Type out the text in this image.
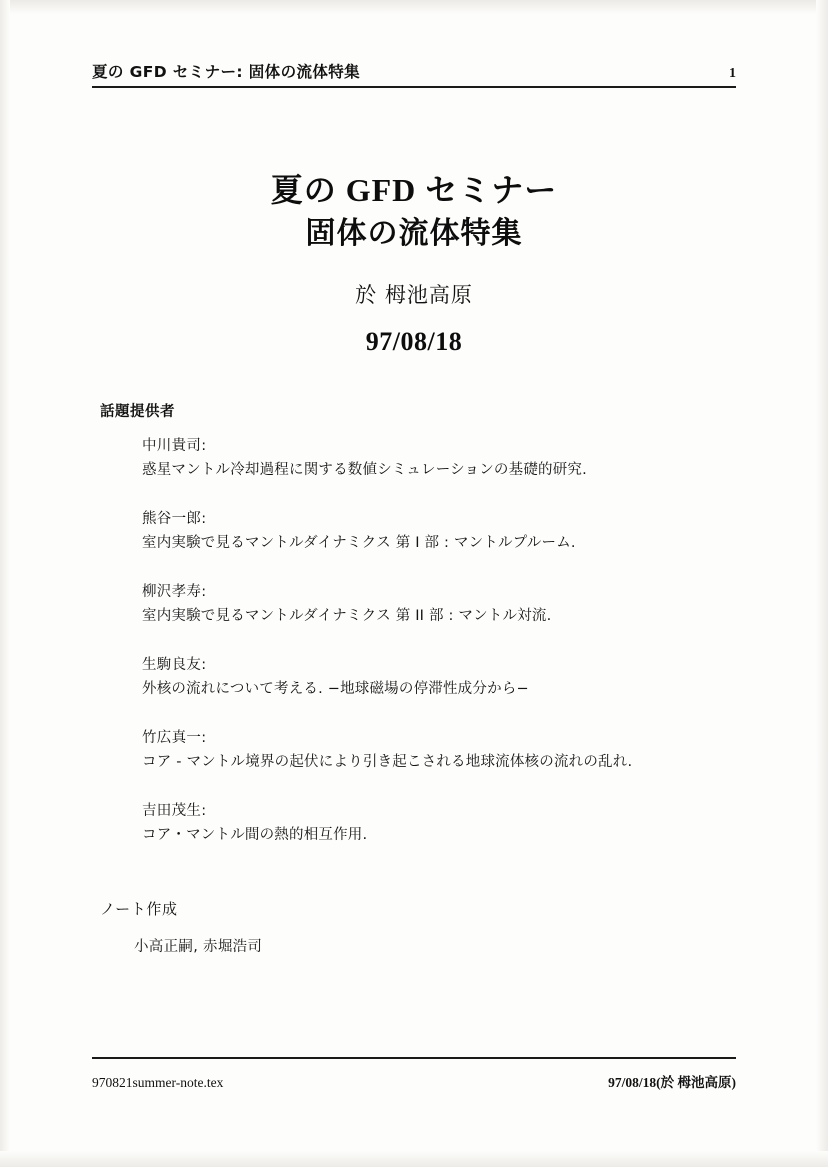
夏の GFD セミナー: 固体の流体特集	1
夏の GFD セミナー
固体の流体特集
於 栂池高原
97/08/18
話題提供者
中川貴司:
惑星マントル冷却過程に関する数値シミュレーションの基礎的研究.
熊谷一郎:
室内実験で見るマントルダイナミクス 第 I 部 : マントルプルーム.
柳沢孝寿:
室内実験で見るマントルダイナミクス 第 II 部 : マントル対流.
生駒良友:
外核の流れについて考える. −地球磁場の停滞性成分から−
竹広真一:
コア - マントル境界の起伏により引き起こされる地球流体核の流れの乱れ.
吉田茂生:
コア・マントル間の熱的相互作用.
ノート作成
小高正嗣, 赤堀浩司
970821summer-note.tex	97/08/18(於 栂池高原)
